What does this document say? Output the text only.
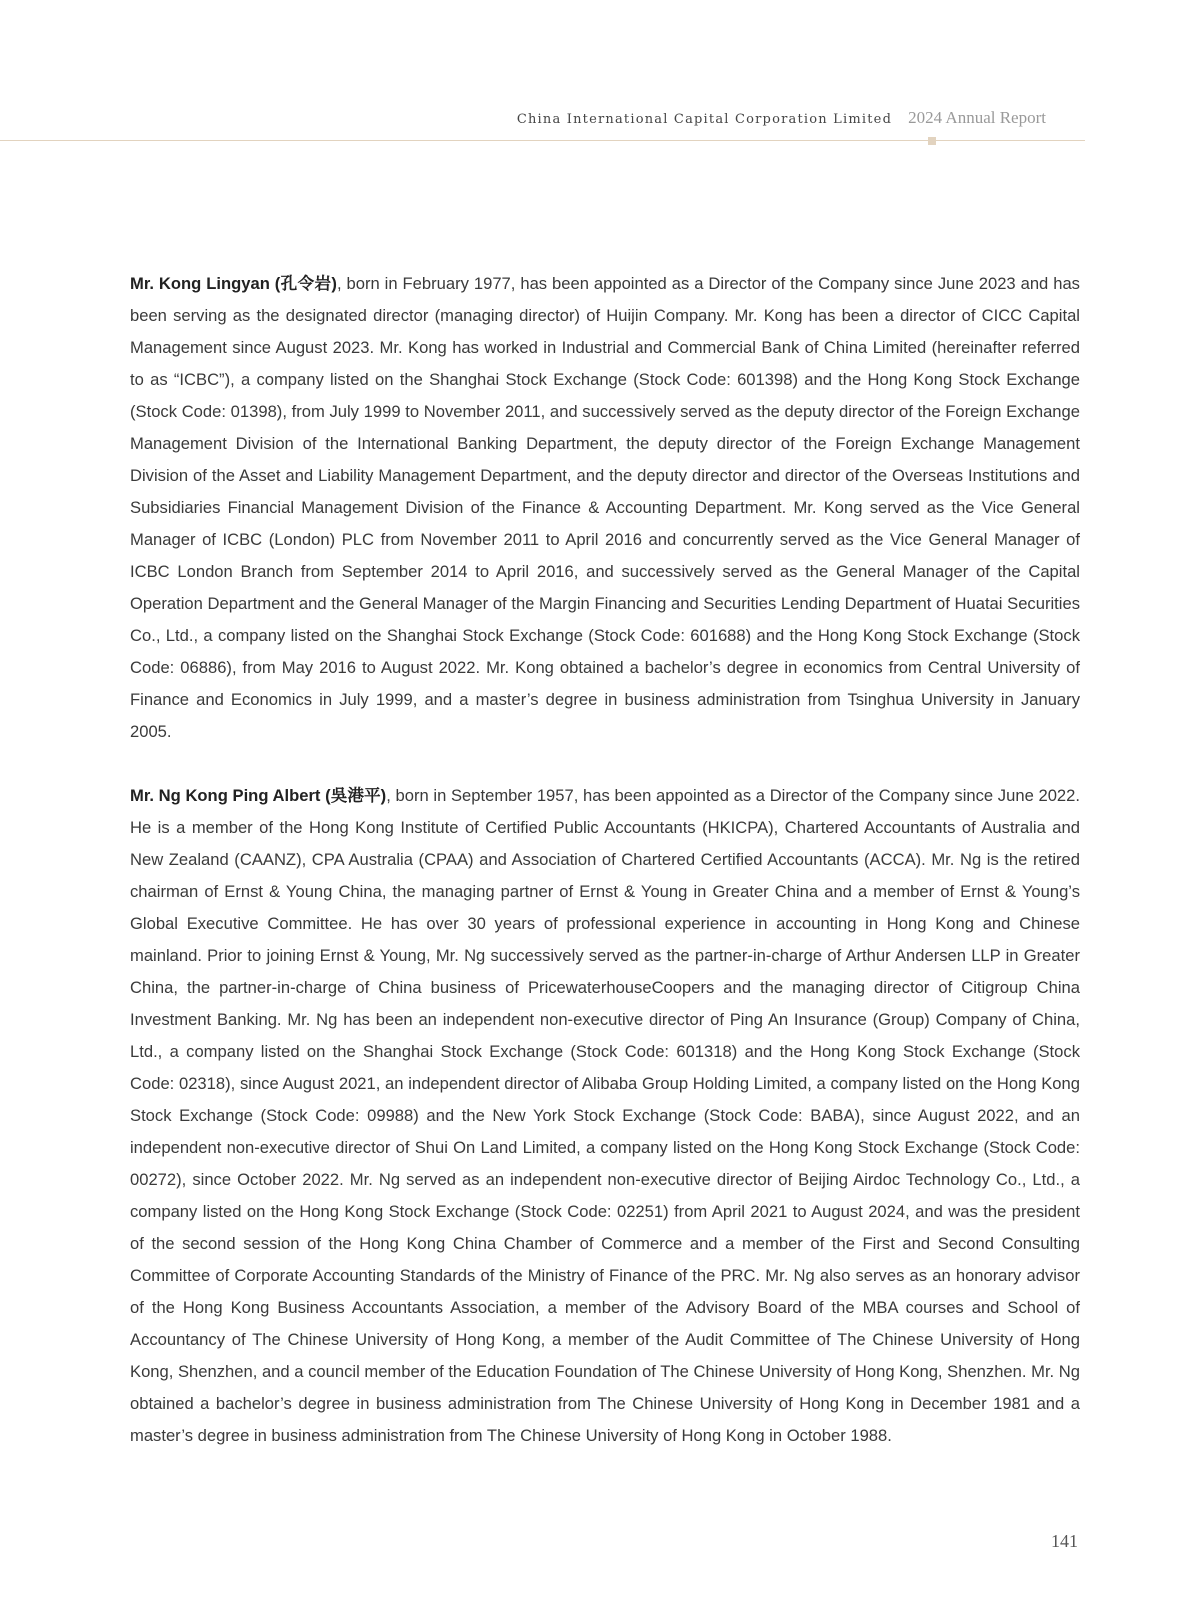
China International Capital Corporation Limited 2024 Annual Report

Mr. Kong Lingyan (孔令岩), born in February 1977, has been appointed as a Director of the Company since June 2023 and has been serving as the designated director (managing director) of Huijin Company. Mr. Kong has been a director of CICC Capital Management since August 2023. Mr. Kong has worked in Industrial and Commercial Bank of China Limited (hereinafter referred to as “ICBC”), a company listed on the Shanghai Stock Exchange (Stock Code: 601398) and the Hong Kong Stock Exchange (Stock Code: 01398), from July 1999 to November 2011, and successively served as the deputy director of the Foreign Exchange Management Division of the International Banking Department, the deputy director of the Foreign Exchange Management Division of the Asset and Liability Management Department, and the deputy director and director of the Overseas Institutions and Subsidiaries Financial Management Division of the Finance & Accounting Department. Mr. Kong served as the Vice General Manager of ICBC (London) PLC from November 2011 to April 2016 and concurrently served as the Vice General Manager of ICBC London Branch from September 2014 to April 2016, and successively served as the General Manager of the Capital Operation Department and the General Manager of the Margin Financing and Securities Lending Department of Huatai Securities Co., Ltd., a company listed on the Shanghai Stock Exchange (Stock Code: 601688) and the Hong Kong Stock Exchange (Stock Code: 06886), from May 2016 to August 2022. Mr. Kong obtained a bachelor’s degree in economics from Central University of Finance and Economics in July 1999, and a master’s degree in business administration from Tsinghua University in January 2005.

Mr. Ng Kong Ping Albert (吳港平), born in September 1957, has been appointed as a Director of the Company since June 2022. He is a member of the Hong Kong Institute of Certified Public Accountants (HKICPA), Chartered Accountants of Australia and New Zealand (CAANZ), CPA Australia (CPAA) and Association of Chartered Certified Accountants (ACCA). Mr. Ng is the retired chairman of Ernst & Young China, the managing partner of Ernst & Young in Greater China and a member of Ernst & Young’s Global Executive Committee. He has over 30 years of professional experience in accounting in Hong Kong and Chinese mainland. Prior to joining Ernst & Young, Mr. Ng successively served as the partner-in-charge of Arthur Andersen LLP in Greater China, the partner-in-charge of China business of PricewaterhouseCoopers and the managing director of Citigroup China Investment Banking. Mr. Ng has been an independent non-executive director of Ping An Insurance (Group) Company of China, Ltd., a company listed on the Shanghai Stock Exchange (Stock Code: 601318) and the Hong Kong Stock Exchange (Stock Code: 02318), since August 2021, an independent director of Alibaba Group Holding Limited, a company listed on the Hong Kong Stock Exchange (Stock Code: 09988) and the New York Stock Exchange (Stock Code: BABA), since August 2022, and an independent non-executive director of Shui On Land Limited, a company listed on the Hong Kong Stock Exchange (Stock Code: 00272), since October 2022. Mr. Ng served as an independent non-executive director of Beijing Airdoc Technology Co., Ltd., a company listed on the Hong Kong Stock Exchange (Stock Code: 02251) from April 2021 to August 2024, and was the president of the second session of the Hong Kong China Chamber of Commerce and a member of the First and Second Consulting Committee of Corporate Accounting Standards of the Ministry of Finance of the PRC. Mr. Ng also serves as an honorary advisor of the Hong Kong Business Accountants Association, a member of the Advisory Board of the MBA courses and School of Accountancy of The Chinese University of Hong Kong, a member of the Audit Committee of The Chinese University of Hong Kong, Shenzhen, and a council member of the Education Foundation of The Chinese University of Hong Kong, Shenzhen. Mr. Ng obtained a bachelor’s degree in business administration from The Chinese University of Hong Kong in December 1981 and a master’s degree in business administration from The Chinese University of Hong Kong in October 1988.

141
